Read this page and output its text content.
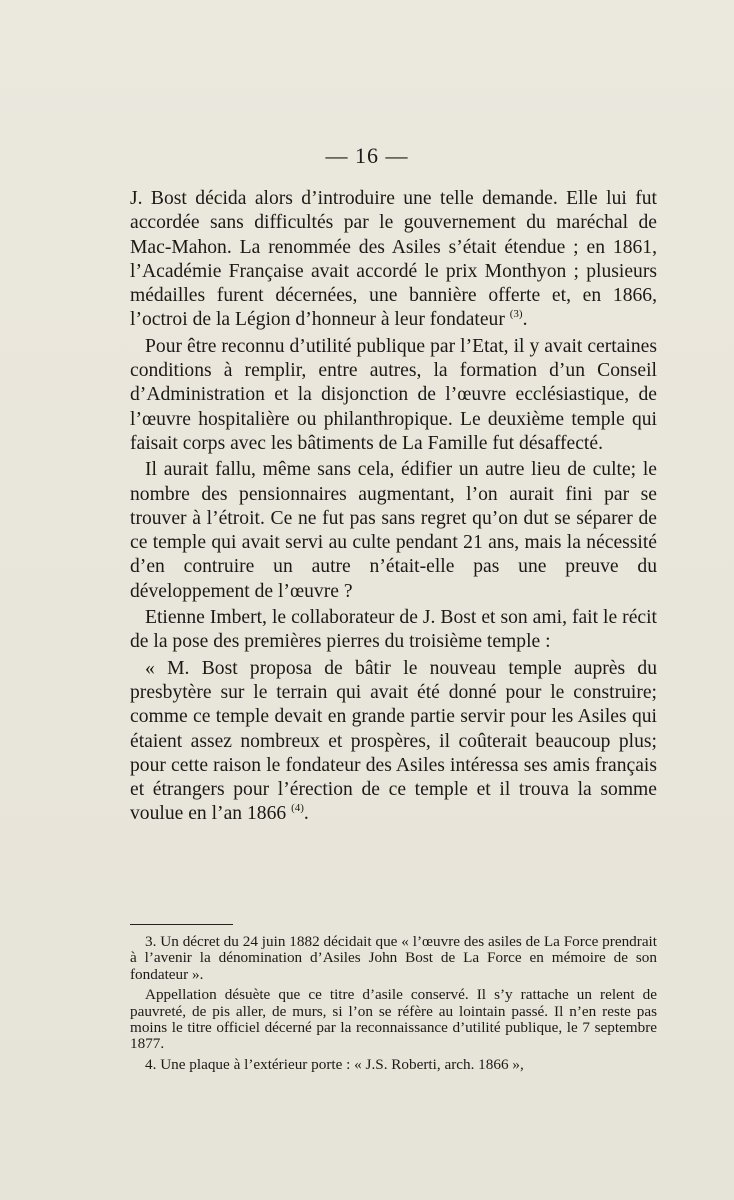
— 16 —

J. Bost décida alors d’introduire une telle demande. Elle lui fut accordée sans difficultés par le gouvernement du maréchal de Mac-Mahon. La renommée des Asiles s’était étendue ; en 1861, l’Académie Française avait accordé le prix Monthyon ; plusieurs médailles furent décernées, une bannière offerte et, en 1866, l’octroi de la Légion d’honneur à leur fondateur $^{(3)}$.

Pour être reconnu d’utilité publique par l’Etat, il y avait certaines conditions à remplir, entre autres, la formation d’un Conseil d’Administration et la disjonction de l’œuvre ecclésiastique, de l’œuvre hospitalière ou philanthropique. Le deuxième temple qui faisait corps avec les bâtiments de La Famille fut désaffecté.

Il aurait fallu, même sans cela, édifier un autre lieu de culte; le nombre des pensionnaires augmentant, l’on aurait fini par se trouver à l’étroit. Ce ne fut pas sans regret qu’on dut se séparer de ce temple qui avait servi au culte pendant 21 ans, mais la nécessité d’en contruire un autre n’était-elle pas une preuve du développement de l’œuvre ?

Etienne Imbert, le collaborateur de J. Bost et son ami, fait le récit de la pose des premières pierres du troisième temple :

« M. Bost proposa de bâtir le nouveau temple auprès du presbytère sur le terrain qui avait été donné pour le construire; comme ce temple devait en grande partie servir pour les Asiles qui étaient assez nombreux et prospères, il coûterait beaucoup plus; pour cette raison le fondateur des Asiles intéressa ses amis français et étrangers pour l’érection de ce temple et il trouva la somme voulue en l’an 1866 $^{(4)}$.

3. Un décret du 24 juin 1882 décidait que « l’œuvre des asiles de La Force prendrait à l’avenir la dénomination d’Asiles John Bost de La Force en mémoire de son fondateur ».

Appellation désuète que ce titre d’asile conservé. Il s’y rattache un relent de pauvreté, de pis aller, de murs, si l’on se réfère au lointain passé. Il n’en reste pas moins le titre officiel décerné par la reconnaissance d’utilité publique, le 7 septembre 1877.

4. Une plaque à l’extérieur porte : « J.S. Roberti, arch. 1866 »,
